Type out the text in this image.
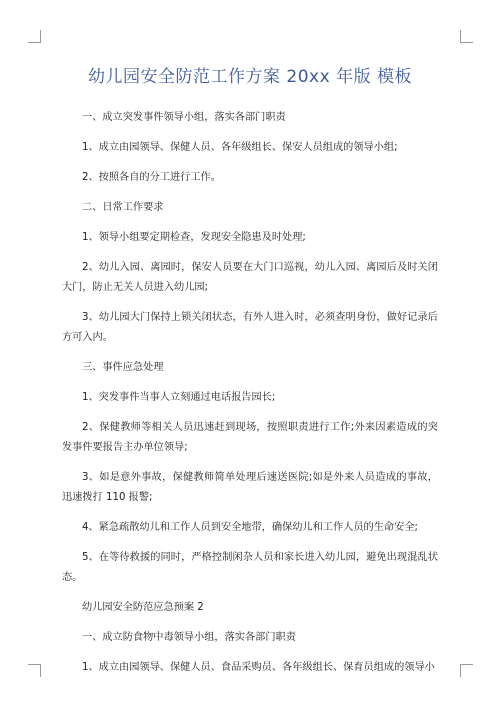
幼儿园安全防范工作方案 20xx 年版 模板

一、成立突发事件领导小组，落实各部门职责

1、成立由园领导、保健人员、各年级组长、保安人员组成的领导小组;

2、按照各自的分工进行工作。

二、日常工作要求

1、领导小组要定期检查，发现安全隐患及时处理;

2、幼儿入园、离园时，保安人员要在大门口巡视，幼儿入园、离园后及时关闭大门，防止无关人员进入幼儿园;

3、幼儿园大门保持上锁关闭状态，有外人进入时，必须查明身份，做好记录后方可入内。

三、事件应急处理

1、突发事件当事人立刻通过电话报告园长;

2、保健教师等相关人员迅速赶到现场，按照职责进行工作;外来因素造成的突发事件要报告主办单位领导;

3、如是意外事故，保健教师简单处理后速送医院;如是外来人员造成的事故，迅速拨打 110 报警;

4、紧急疏散幼儿和工作人员到安全地带，确保幼儿和工作人员的生命安全;

5、在等待救援的同时，严格控制闲杂人员和家长进入幼儿园，避免出现混乱状态。

幼儿园安全防范应急预案 2

一、成立防食物中毒领导小组，落实各部门职责

1、成立由园领导、保健人员、食品采购员、各年级组长、保育员组成的领导小
